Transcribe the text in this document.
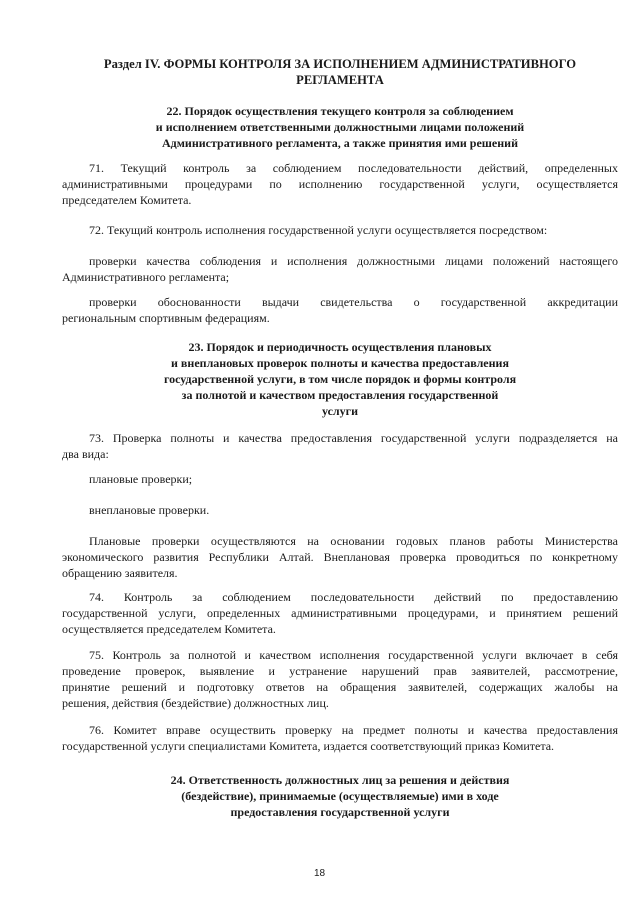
Раздел IV. ФОРМЫ КОНТРОЛЯ ЗА ИСПОЛНЕНИЕМ АДМИНИСТРАТИВНОГО
РЕГЛАМЕНТА
22. Порядок осуществления текущего контроля за соблюдением
и исполнением ответственными должностными лицами положений
Административного регламента, а также принятия ими решений
71. Текущий контроль за соблюдением последовательности действий, определенных
административными процедурами по исполнению государственной услуги, осуществляется
председателем Комитета.
72. Текущий контроль исполнения государственной услуги осуществляется посредством:
проверки качества соблюдения и исполнения должностными лицами положений настоящего
Административного регламента;
проверки обоснованности выдачи свидетельства о государственной аккредитации
региональным спортивным федерациям.
23. Порядок и периодичность осуществления плановых
и внеплановых проверок полноты и качества предоставления
государственной услуги, в том числе порядок и формы контроля
за полнотой и качеством предоставления государственной
услуги
73. Проверка полноты и качества предоставления государственной услуги подразделяется на
два вида:
плановые проверки;
внеплановые проверки.
Плановые проверки осуществляются на основании годовых планов работы Министерства
экономического развития Республики Алтай. Внеплановая проверка проводиться по конкретному
обращению заявителя.
74. Контроль за соблюдением последовательности действий по предоставлению
государственной услуги, определенных административными процедурами, и принятием решений
осуществляется председателем Комитета.
75. Контроль за полнотой и качеством исполнения государственной услуги включает в себя
проведение проверок, выявление и устранение нарушений прав заявителей, рассмотрение,
принятие решений и подготовку ответов на обращения заявителей, содержащих жалобы на
решения, действия (бездействие) должностных лиц.
76. Комитет вправе осуществить проверку на предмет полноты и качества предоставления
государственной услуги специалистами Комитета, издается соответствующий приказ Комитета.
24. Ответственность должностных лиц за решения и действия
(бездействие), принимаемые (осуществляемые) ими в ходе
предоставления государственной услуги
18
